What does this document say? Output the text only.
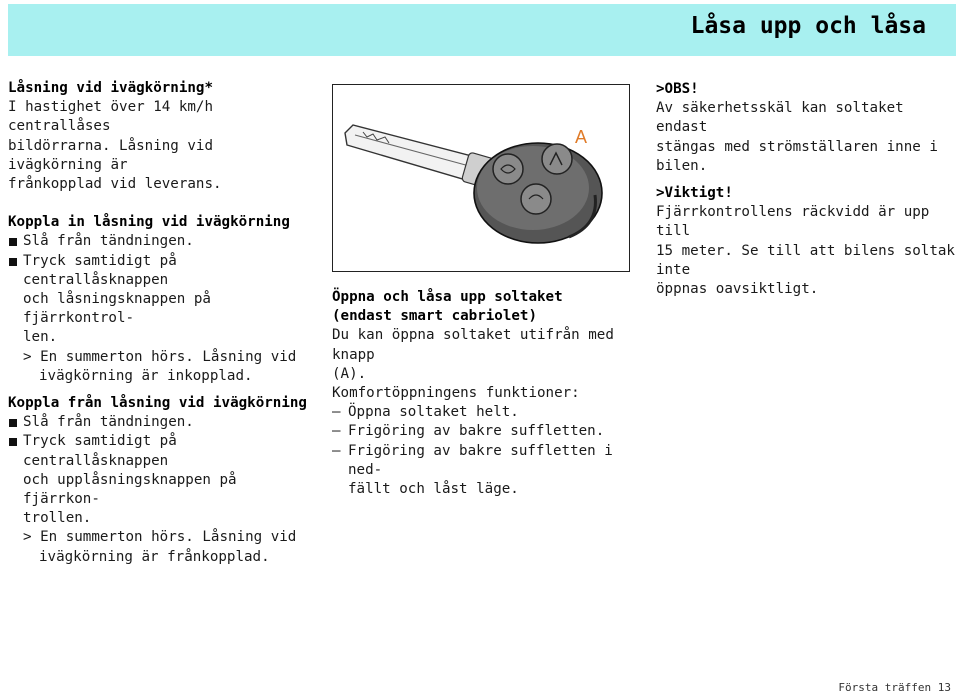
Låsa upp och låsa
Låsning vid ivägkörning*
I hastighet över 14 km/h centrallåses
bildörrarna. Låsning vid ivägkörning är
frånkopplad vid leverans.
Koppla in låsning vid ivägkörning
Slå från tändningen.
Tryck samtidigt på centrallåsknappen
och låsningsknappen på fjärrkontrol-
len.
> En summerton hörs. Låsning vid
ivägkörning är inkopplad.
Koppla från låsning vid ivägkörning
Slå från tändningen.
Tryck samtidigt på centrallåsknappen
och upplåsningsknappen på fjärrkon-
trollen.
> En summerton hörs. Låsning vid
ivägkörning är frånkopplad.
A
Öppna och låsa upp soltaket
(endast smart cabriolet)
Du kan öppna soltaket utifrån med knapp
(A).
Komfortöppningens funktioner:
– Öppna soltaket helt.
– Frigöring av bakre suffletten.
– Frigöring av bakre suffletten i ned-
fällt och låst läge.
>OBS!
Av säkerhetsskäl kan soltaket endast
stängas med strömställaren inne i bilen.
>Viktigt!
Fjärrkontrollens räckvidd är upp till
15 meter. Se till att bilens soltak inte
öppnas oavsiktligt.
Första träffen 13
